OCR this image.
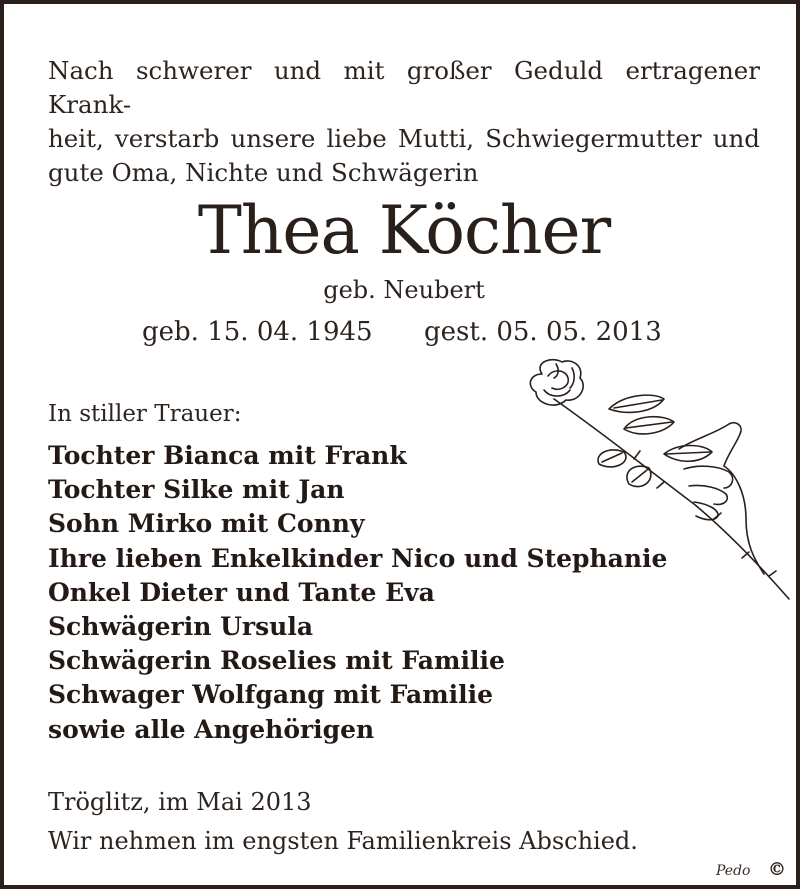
Nach schwerer und mit großer Geduld ertragener Krank-
heit, verstarb unsere liebe Mutti, Schwiegermutter und
gute Oma, Nichte und Schwägerin
Thea Köcher
geb. Neubert
geb. 15. 04. 1945 gest. 05. 05. 2013
In stiller Trauer:
Tochter Bianca mit Frank
Tochter Silke mit Jan
Sohn Mirko mit Conny
Ihre lieben Enkelkinder Nico und Stephanie
Onkel Dieter und Tante Eva
Schwägerin Ursula
Schwägerin Roselies mit Familie
Schwager Wolfgang mit Familie
sowie alle Angehörigen
Tröglitz, im Mai 2013
Wir nehmen im engsten Familienkreis Abschied.
Pedo ©
